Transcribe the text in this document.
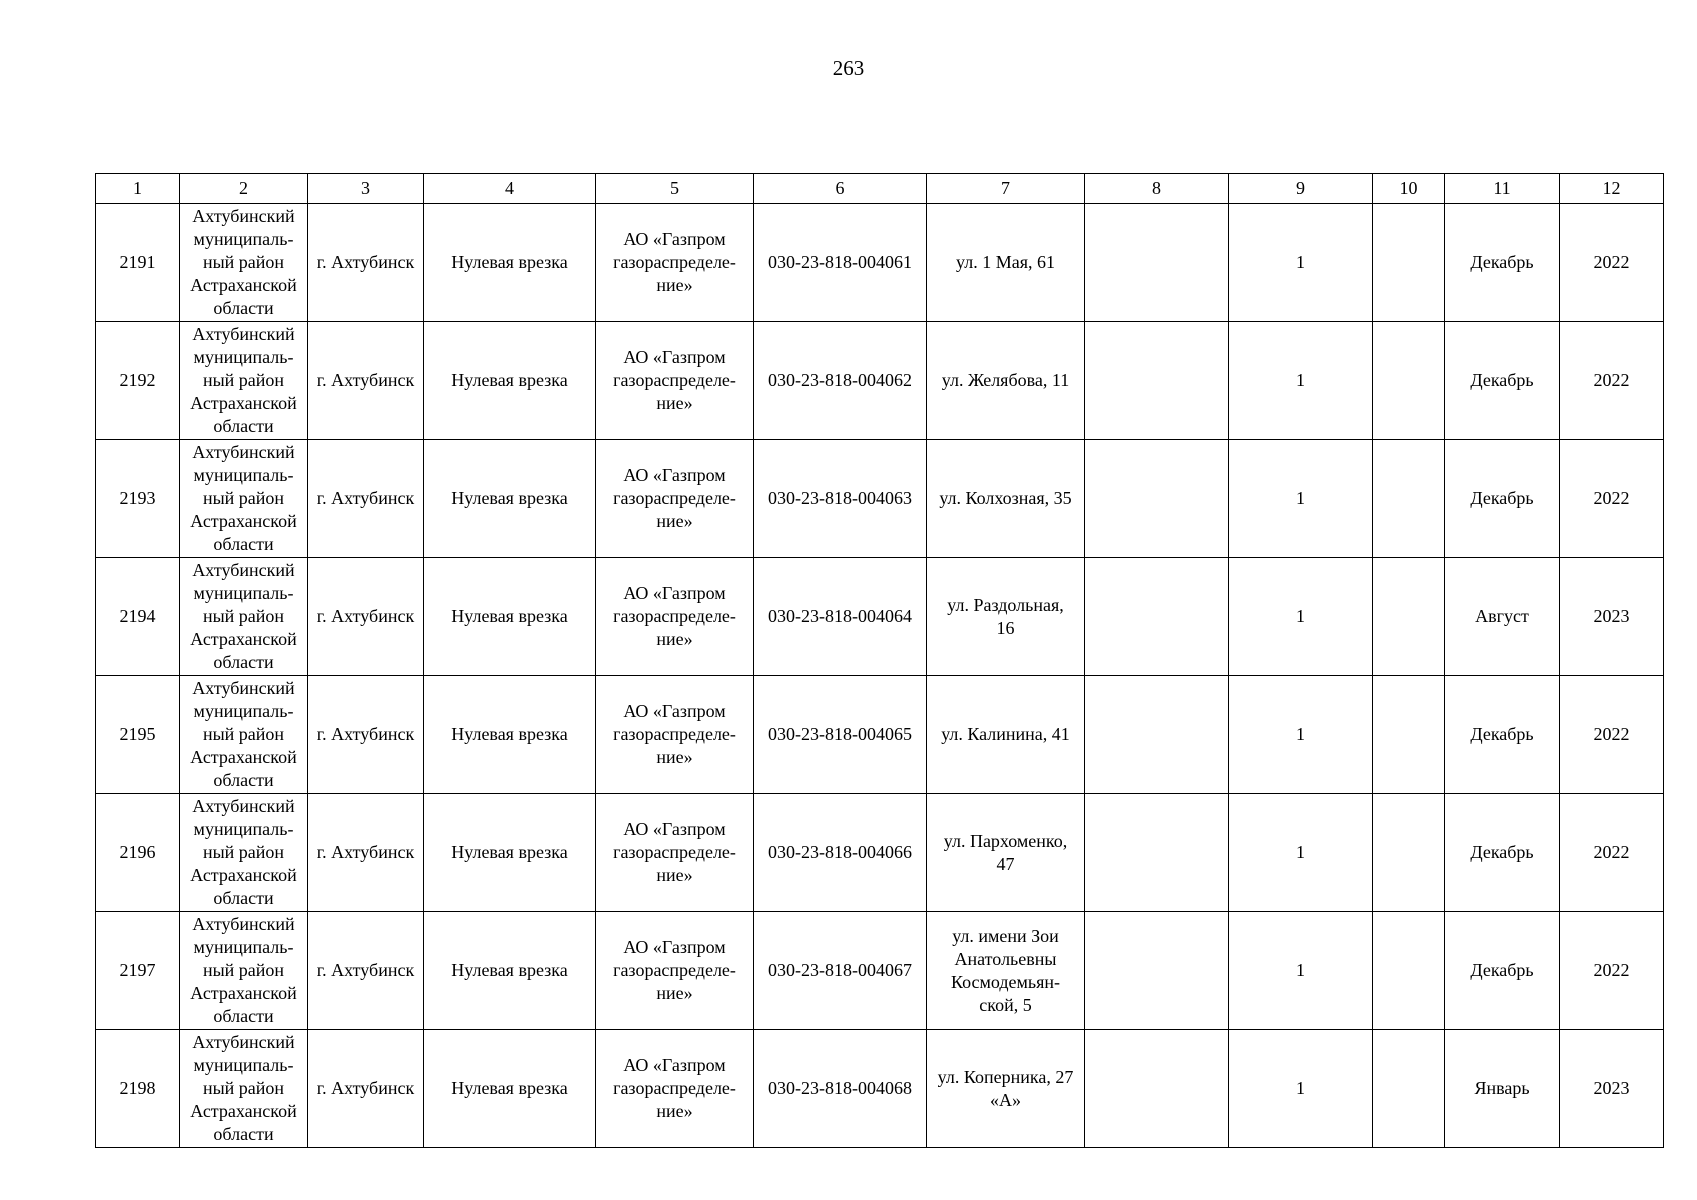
263
1	2	3	4	5	6	7	8	9	10	11	12
2191	Ахтубинский
муниципаль-
ный район
Астраханской
области	г. Ахтубинск	Нулевая врезка	АО «Газпром
газораспределе-
ние»	030-23-818-004061	ул. 1 Мая, 61		1		Декабрь	2022
2192	Ахтубинский
муниципаль-
ный район
Астраханской
области	г. Ахтубинск	Нулевая врезка	АО «Газпром
газораспределе-
ние»	030-23-818-004062	ул. Желябова, 11		1		Декабрь	2022
2193	Ахтубинский
муниципаль-
ный район
Астраханской
области	г. Ахтубинск	Нулевая врезка	АО «Газпром
газораспределе-
ние»	030-23-818-004063	ул. Колхозная, 35		1		Декабрь	2022
2194	Ахтубинский
муниципаль-
ный район
Астраханской
области	г. Ахтубинск	Нулевая врезка	АО «Газпром
газораспределе-
ние»	030-23-818-004064	ул. Раздольная,
16		1		Август	2023
2195	Ахтубинский
муниципаль-
ный район
Астраханской
области	г. Ахтубинск	Нулевая врезка	АО «Газпром
газораспределе-
ние»	030-23-818-004065	ул. Калинина, 41		1		Декабрь	2022
2196	Ахтубинский
муниципаль-
ный район
Астраханской
области	г. Ахтубинск	Нулевая врезка	АО «Газпром
газораспределе-
ние»	030-23-818-004066	ул. Пархоменко,
47		1		Декабрь	2022
2197	Ахтубинский
муниципаль-
ный район
Астраханской
области	г. Ахтубинск	Нулевая врезка	АО «Газпром
газораспределе-
ние»	030-23-818-004067	ул. имени Зои
Анатольевны
Космодемьян-
ской, 5		1		Декабрь	2022
2198	Ахтубинский
муниципаль-
ный район
Астраханской
области	г. Ахтубинск	Нулевая врезка	АО «Газпром
газораспределе-
ние»	030-23-818-004068	ул. Коперника, 27
«А»		1		Январь	2023
